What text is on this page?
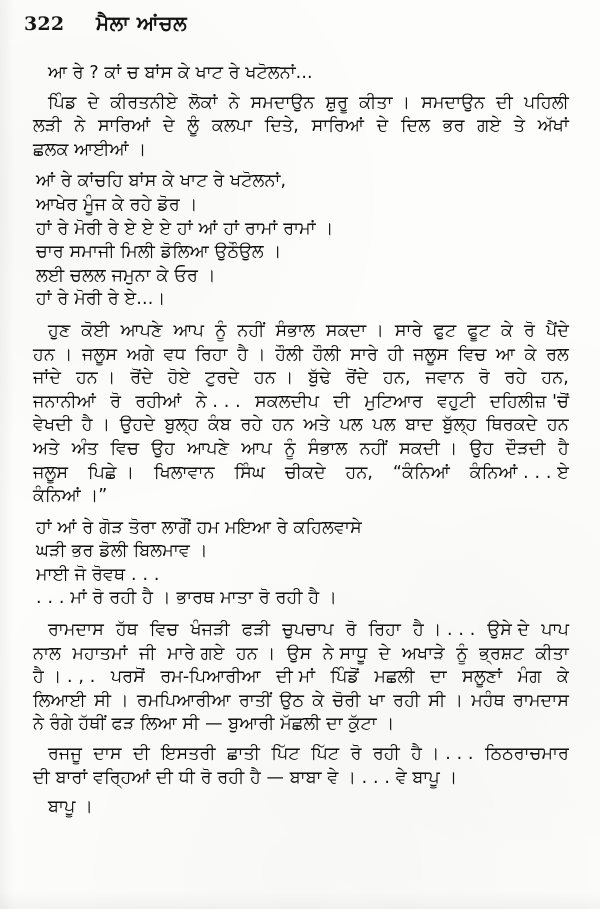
322 ਮੈਲਾ ਆਂਚਲ
ਆ ਰੇ ? ਕਾਂ ਚ ਬਾਂਸ ਕੇ ਖਾਟ ਰੇ ਖਟੋਲਨਾਂ...
ਪਿੰਡ ਦੇ ਕੀਰਤਨੀਏ ਲੋਕਾਂ ਨੇ ਸਮਦਾਉਨ ਸ਼ੁਰੂ ਕੀਤਾ । ਸਮਦਾਉਨ ਦੀ ਪਹਿਲੀ
ਲੜੀ ਨੇ ਸਾਰਿਆਂ ਦੇ ਲੂੰ ਕਲਪਾ ਦਿਤੇ, ਸਾਰਿਆਂ ਦੇ ਦਿਲ ਭਰ ਗਏ ਤੇ ਅੱਖਾਂ
ਛਲਕ ਆਈਆਂ ।
ਆਂ ਰੇ ਕਾਂਚਹਿ ਬਾਂਸ ਕੇ ਖਾਟ ਰੇ ਖਟੋਲਨਾਂ,
ਆਖੇਰ ਮੂੰਜ ਕੇ ਰਹੇ ਡੋਰ ।
ਹਾਂ ਰੇ ਮੋਰੀ ਰੇ ਏ ਏ ਏ ਹਾਂ ਆਂ ਹਾਂ ਰਾਮਾਂ ਰਾਮਾਂ ।
ਚਾਰ ਸਮਾਜੀ ਮਿਲੀ ਡੋਲਿਆ ਉਠੌਉਲ ।
ਲਈ ਚਲਲ ਜਮੁਨਾ ਕੇ ਓਰ ।
ਹਾਂ ਰੇ ਮੋਰੀ ਰੇ ਏ...।
ਹੁਣ ਕੋਈ ਆਪਣੇ ਆਪ ਨੂੰ ਨਹੀਂ ਸੰਭਾਲ ਸਕਦਾ । ਸਾਰੇ ਫੁਟ ਫੂਟ ਕੇ ਰੋ ਪੈਂਦੇ
ਹਨ । ਜਲੂਸ ਅਗੇ ਵਧ ਰਿਹਾ ਹੈ । ਹੌਲੀ ਹੌਲੀ ਸਾਰੇ ਹੀ ਜਲੂਸ ਵਿਚ ਆ ਕੇ ਰਲ
ਜਾਂਦੇ ਹਨ । ਰੋਂਦੇ ਹੋਏ ਟੁਰਦੇ ਹਨ । ਬੁੱਢੇ ਰੋਂਦੇ ਹਨ, ਜਵਾਨ ਰੋ ਰਹੇ ਹਨ,
ਜਨਾਨੀਆਂ ਰੋ ਰਹੀਆਂ ਨੇ . . . ਸਕਲਦੀਪ ਦੀ ਮੁਟਿਆਰ ਵਹੁਟੀ ਦਹਿਲੀਜ਼ 'ਚੋਂ
ਵੇਖਦੀ ਹੈ । ਉਹਦੇ ਬੁਲ੍ਹ ਕੰਬ ਰਹੇ ਹਨ ਅਤੇ ਪਲ ਪਲ ਬਾਦ ਬੁੱਲ੍ਹ ਥਿਰਕਦੇ ਹਨ
ਅਤੇ ਅੰਤ ਵਿਚ ਉਹ ਆਪਣੇ ਆਪ ਨੂੰ ਸੰਭਾਲ ਨਹੀਂ ਸਕਦੀ । ਉਹ ਦੌੜਦੀ ਹੈ
ਜਲੂਸ ਪਿਛੇ । ਖਿਲਾਵਾਨ ਸਿੰਘ ਚੀਕਦੇ ਹਨ, “ਕੰਨਿਆਂ ਕੰਨਿਆਂ . . . ਏ
ਕੰਨਿਆਂ ।”
ਹਾਂ ਆਂ ਰੇ ਗੋੜ ਤੋਰਾ ਲਾਗੌਂ ਹਮ ਮਇਆ ਰੇ ਕਹਿਲਵਾਸੇ
ਘੜੀ ਭਰ ਡੋਲੀ ਬਿਲਮਾਵ ।
ਮਾਈ ਜੋ ਰੋਵਥ . . .
. . . ਮਾਂ ਰੋ ਰਹੀ ਹੈ । ਭਾਰਥ ਮਾਤਾ ਰੋ ਰਹੀ ਹੈ ।
ਰਾਮਦਾਸ ਹੱਥ ਵਿਚ ਖੰਜੜੀ ਫੜੀ ਚੁਪਚਾਪ ਰੋ ਰਿਹਾ ਹੈ । . . . ਉਸੇ ਦੇ ਪਾਪ
ਨਾਲ ਮਹਾਤਮਾਂ ਜੀ ਮਾਰੇ ਗਏ ਹਨ । ਉਸ ਨੇ ਸਾਧੂ ਦੇ ਅਖਾੜੇ ਨੂੰ ਭ੍ਰਸ਼ਟ ਕੀਤਾ
ਹੈ । . , . ਪਰਸੋਂ ਰਮ-ਪਿਆਰੀਆ ਦੀ ਮਾਂ ਪਿੰਡੋਂ ਮਛਲੀ ਦਾ ਸਲੂਣਾਂ ਮੰਗ ਕੇ
ਲਿਆਈ ਸੀ । ਰਮਪਿਆਰੀਆ ਰਾਤੀਂ ਉਠ ਕੇ ਚੋਰੀ ਖਾ ਰਹੀ ਸੀ । ਮਹੰਥ ਰਾਮਦਾਸ
ਨੇ ਰੰਗੇ ਹੱਥੀਂ ਫੜ ਲਿਆ ਸੀ — ਬੁਆਰੀ ਮੱਛਲੀ ਦਾ ਕੁੱਟਾ ।
ਰਜਜੂ ਦਾਸ ਦੀ ਇਸਤਰੀ ਛਾਤੀ ਪਿੱਟ ਪਿੱਟ ਰੋ ਰਹੀ ਹੈ । . . . ਠਿਠਰਾਚਮਾਰ
ਦੀ ਬਾਰਾਂ ਵਰ੍ਹਿਆਂ ਦੀ ਧੀ ਰੋ ਰਹੀ ਹੈ — ਬਾਬਾ ਵੇ । . . . ਵੇ ਬਾਪੂ ।
ਬਾਪੂ ।
